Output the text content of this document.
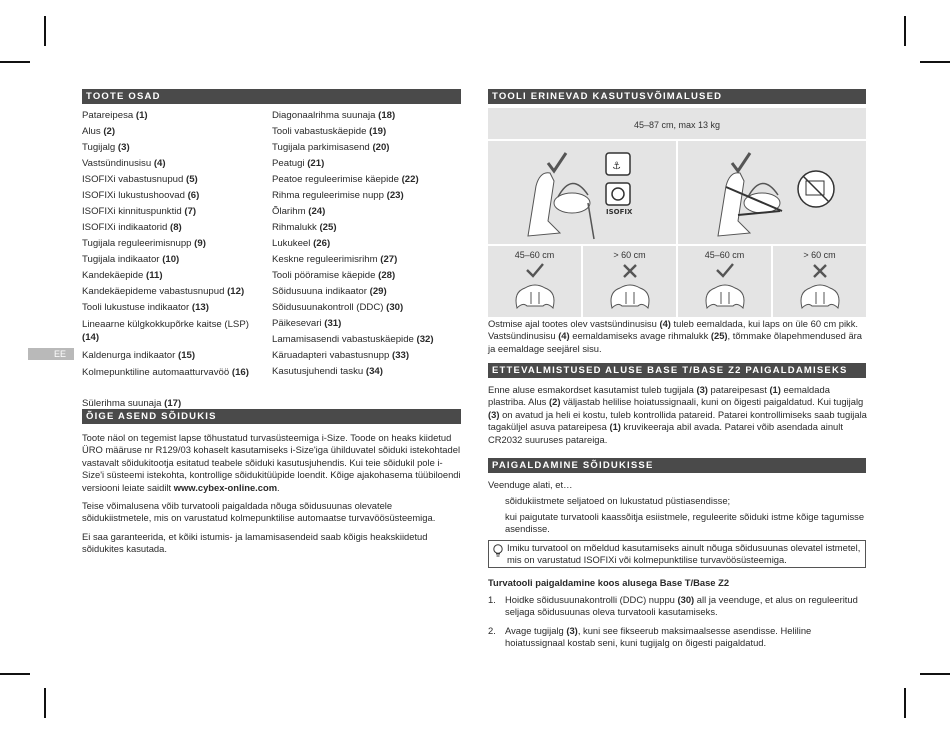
TOOTE OSAD
Patareipesa (1)
Alus (2)
Tugijalg (3)
Vastsündinusisu (4)
ISOFIXi vabastusnupud (5)
ISOFIXi lukustushoovad (6)
ISOFIXi kinnituspunktid (7)
ISOFIXi indikaatorid (8)
Tugijala reguleerimisnupp (9)
Tugijala indikaator (10)
Kandekäepide (11)
Kandekäepideme vabastusnupud (12)
Tooli lukustuse indikaator (13)
Lineaarne külgkokkupõrke kaitse (LSP) (14)
Kaldenurga indikaator (15)
Kolmepunktiline automaatturvavöö (16)
Sülerihma suunaja (17)
Diagonaalrihma suunaja (18)
Tooli vabastuskäepide (19)
Tugijala parkimisasend (20)
Peatugi (21)
Peatoe reguleerimise käepide (22)
Rihma reguleerimise nupp (23)
Õlarihm (24)
Rihmalukk (25)
Lukukeel (26)
Keskne reguleerimisrihm (27)
Tooli pööramise käepide (28)
Sõidusuuna indikaator (29)
Sõidusuunakontroll (DDC) (30)
Päikesevari (31)
Lamamisasendi vabastuskäepide (32)
Käruadapteri vabastusnupp (33)
Kasutusjuhendi tasku (34)
EE
ÕIGE ASEND SÕIDUKIS

Toote näol on tegemist lapse tõhustatud turvasüsteemiga i-Size. Toode on heaks kiidetud ÜRO määruse nr R129/03 kohaselt kasutamiseks i-Size'iga ühilduvatel sõiduki istekohtadel vastavalt sõidukitootja esitatud teabele sõiduki kasutusjuhendis. Kui teie sõidukil pole i-Size'i süsteemi istekohta, kontrollige sõidukitüüpide loendit. Kõige ajakohasema tüübiloendi versiooni leiate saidilt www.cybex-online.com.

Teise võimalusena võib turvatooli paigaldada nõuga sõidusuunas olevatele sõidukiistmetele, mis on varustatud kolmepunktilise automaatse turvavöösüsteemiga.

Ei saa garanteerida, et kõiki istumis- ja lamamisasendeid saab kõigis heakskiidetud sõidukites kasutada.

TOOLI ERINEVAD KASUTUSVÕIMALUSED
45–87 cm, max 13 kg
⚓
ISOFIX
45–60 cm	> 60 cm	45–60 cm	> 60 cm
Ostmise ajal tootes olev vastsündinusisu (4) tuleb eemaldada, kui laps on üle 60 cm pikk. Vastsündinusisu (4) eemaldamiseks avage rihmalukk (25), tõmmake õlapehmendused ära ja eemaldage seejärel sisu.
ETTEVALMISTUSED ALUSE BASE T/BASE Z2 PAIGALDAMISEKS
Enne aluse esmakordset kasutamist tuleb tugijala (3) patareipesast (1) eemaldada plastriba. Alus (2) väljastab helilise hoiatussignaali, kuni on õigesti paigaldatud. Kui tugijalg (3) on avatud ja heli ei kostu, tuleb kontrollida patareid. Patarei kontrollimiseks saab tugijala tagaküljel asuva patareipesa (1) kruvikeeraja abil avada. Patarei võib asendada ainult CR2032 suuruses patareiga.
PAIGALDAMINE SÕIDUKISSE
Veenduge alati, et…
sõidukiistmete seljatoed on lukustatud püstiasendisse;
kui paigutate turvatooli kaassõitja esiistmele, reguleerite sõiduki istme kõige tagumisse asendisse.
Imiku turvatool on mõeldud kasutamiseks ainult nõuga sõidusuunas olevatel istmetel, mis on varustatud ISOFIXi või kolmepunktilise turvavöösüsteemiga.
Turvatooli paigaldamine koos alusega Base T/Base Z2
1. Hoidke sõidusuunakontrolli (DDC) nuppu (30) all ja veenduge, et alus on reguleeritud seljaga sõidusuunas oleva turvatooli kasutamiseks.
2. Avage tugijalg (3), kuni see fikseerub maksimaalsesse asendisse. Heliline hoiatussignaal kostab seni, kuni tugijalg on õigesti paigaldatud.
